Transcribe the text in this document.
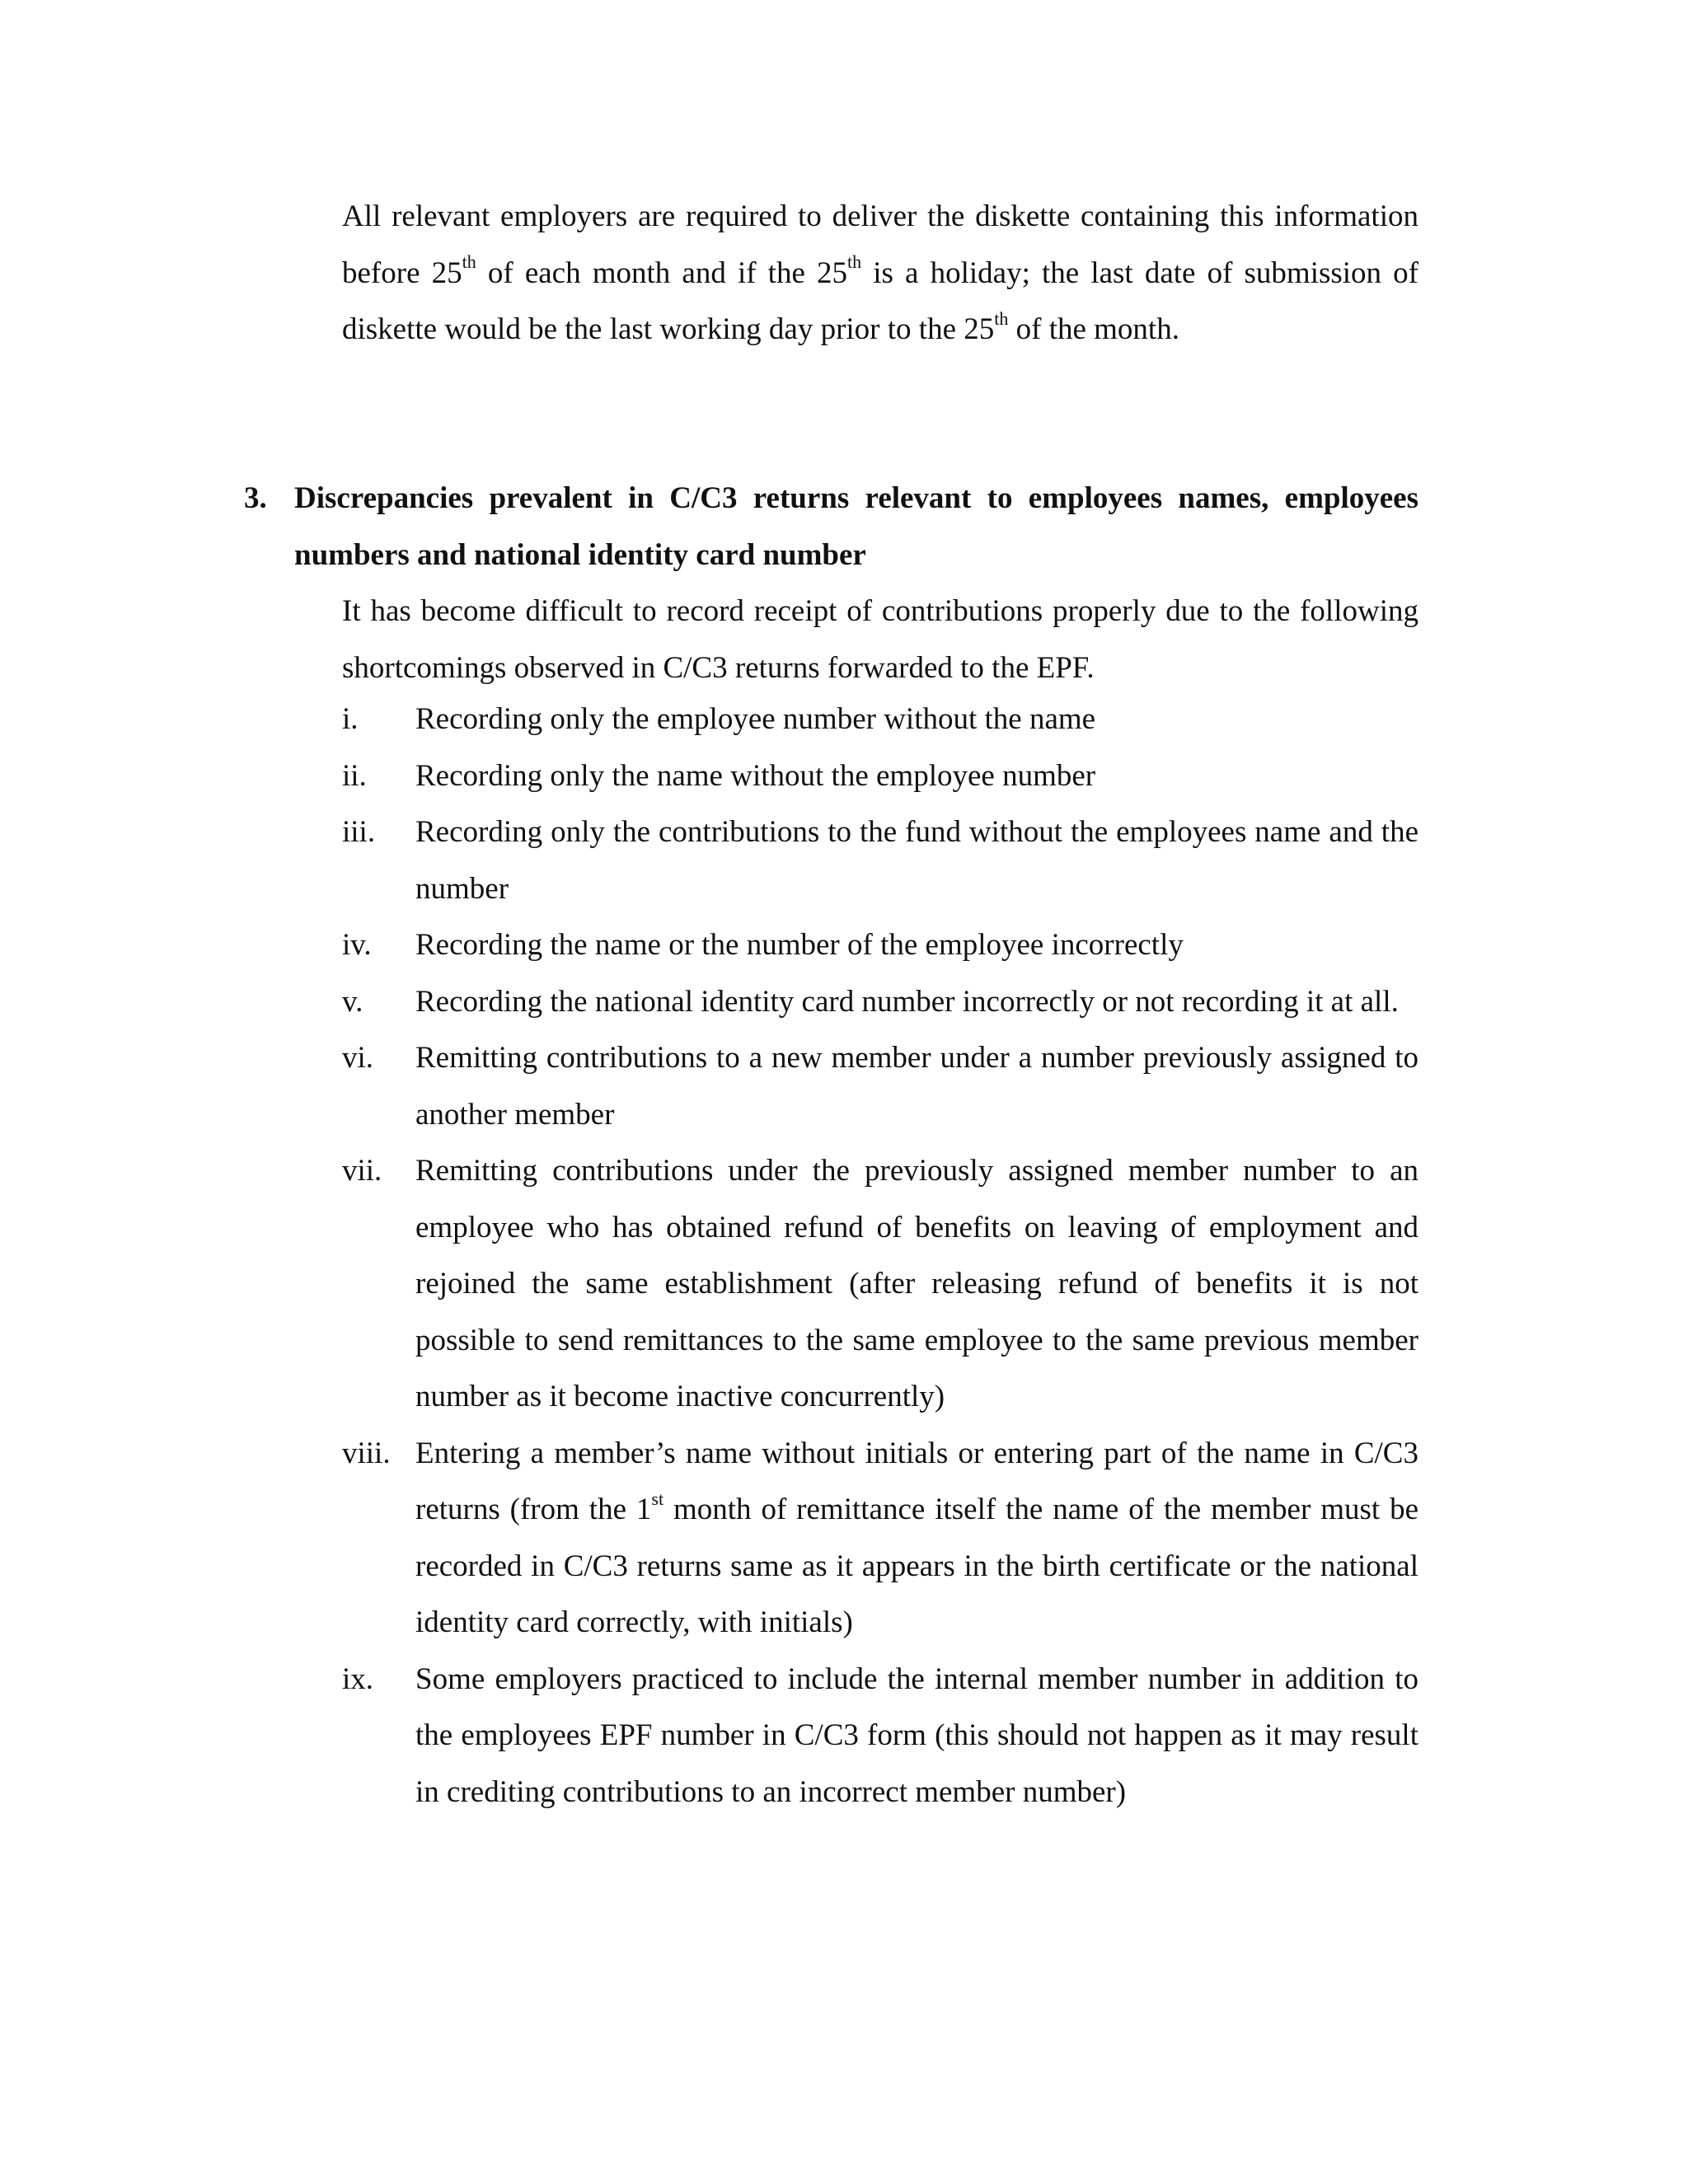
All relevant employers are required to deliver the diskette containing this information before 25th of each month and if the 25th is a holiday; the last date of submission of diskette would be the last working day prior to the 25th of the month.

3. Discrepancies prevalent in C/C3 returns relevant to employees names, employees numbers and national identity card number

It has become difficult to record receipt of contributions properly due to the following shortcomings observed in C/C3 returns forwarded to the EPF.

i.	Recording only the employee number without the name
ii.	Recording only the name without the employee number
iii.	Recording only the contributions to the fund without the employees name and the number
iv.	Recording the name or the number of the employee incorrectly
v.	Recording the national identity card number incorrectly or not recording it at all.
vi.	Remitting contributions to a new member under a number previously assigned to another member
vii.	Remitting contributions under the previously assigned member number to an employee who has obtained refund of benefits on leaving of employment and rejoined the same establishment (after releasing refund of benefits it is not possible to send remittances to the same employee to the same previous member number as it become inactive concurrently)
viii. Entering a member’s name without initials or entering part of the name in C/C3 returns (from the 1st month of remittance itself the name of the member must be recorded in C/C3 returns same as it appears in the birth certificate or the national identity card correctly, with initials)
ix.	Some employers practiced to include the internal member number in addition to the employees EPF number in C/C3 form (this should not happen as it may result in crediting contributions to an incorrect member number)
